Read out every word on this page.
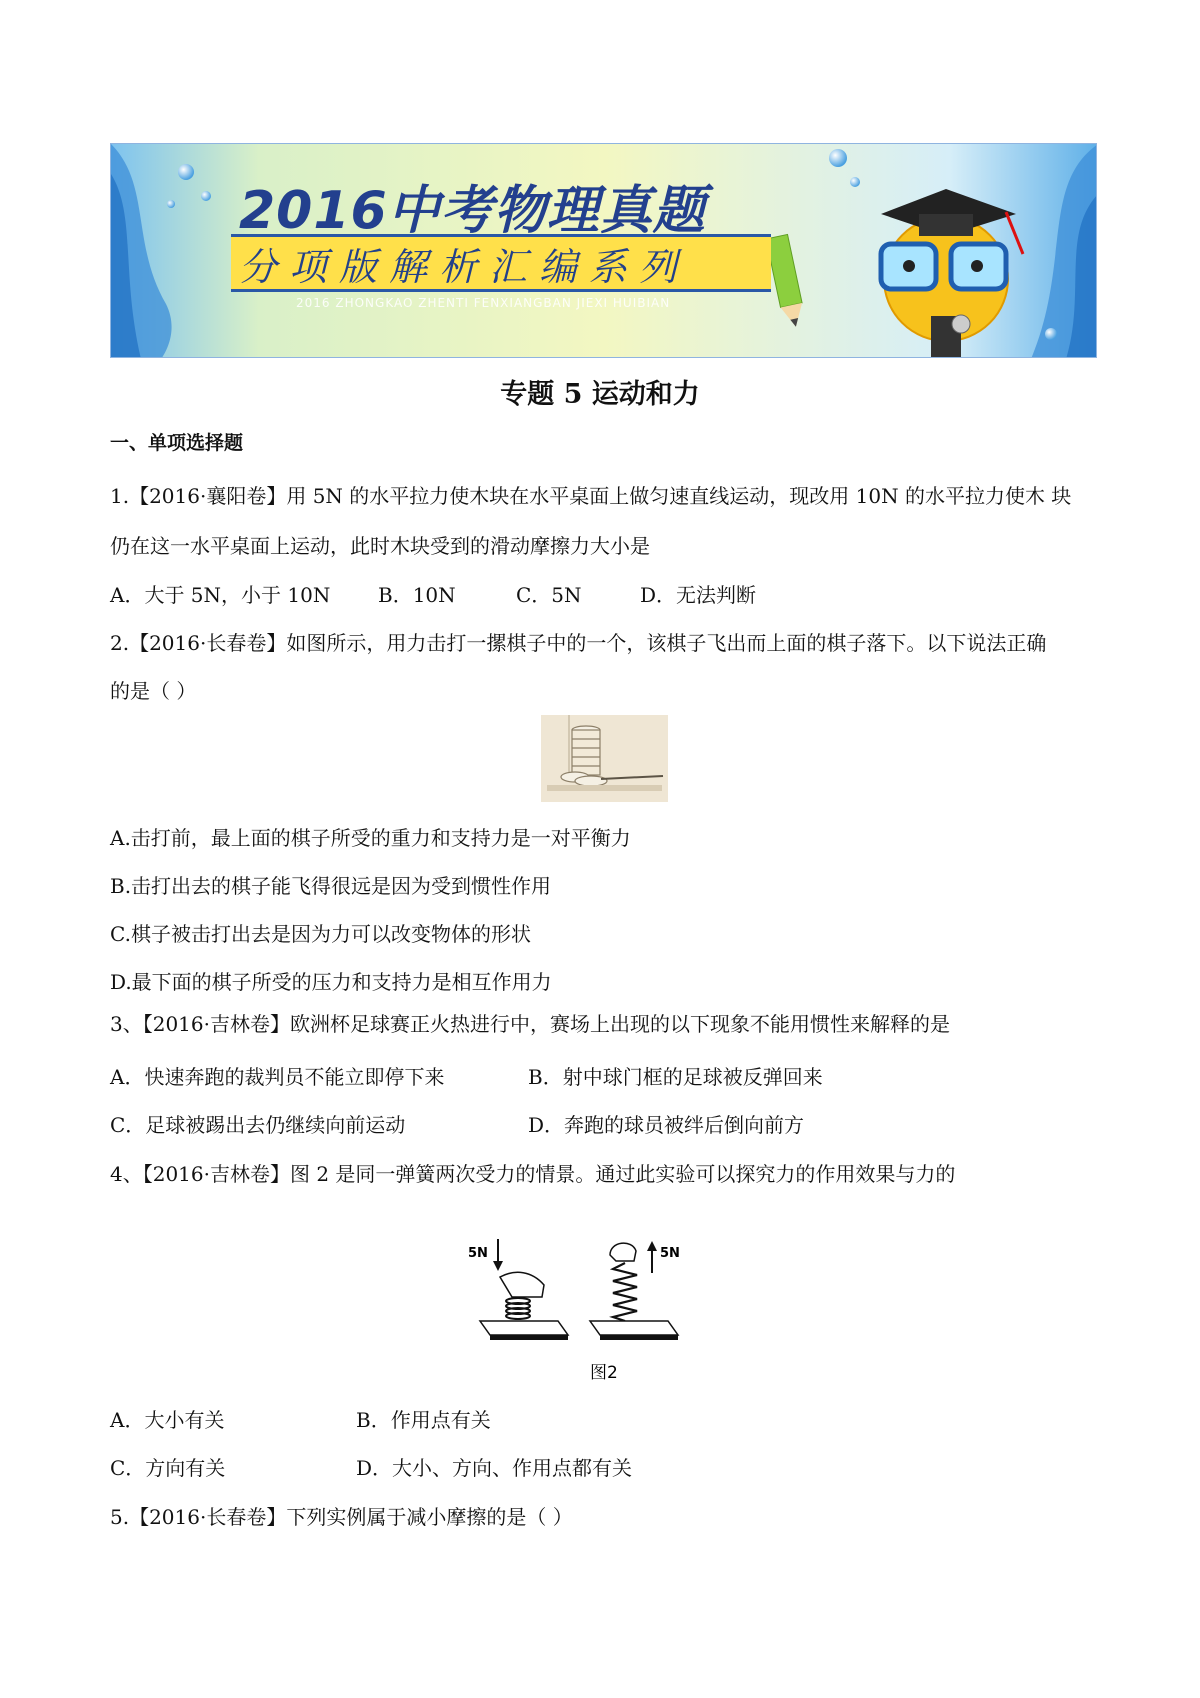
2016中考物理真题
分项版解析汇编系列
2016 ZHONGKAO ZHENTI FENXIANGBAN JIEXI HUIBIAN
专题 5 运动和力
一、单项选择题
1.【2016·襄阳卷】用 5N 的水平拉力使木块在水平桌面上做匀速直线运动，现改用 10N 的水平拉力使木 块
仍在这一水平桌面上运动，此时木块受到的滑动摩擦力大小是
A．大于 5N，小于 10N B．10N	C．5N	D．无法判断
2.【2016·长春卷】如图所示，用力击打一摞棋子中的一个，该棋子飞出而上面的棋子落下。以下说法正确
的是（ ）
A.击打前，最上面的棋子所受的重力和支持力是一对平衡力
B.击打出去的棋子能飞得很远是因为受到惯性作用
C.棋子被击打出去是因为力可以改变物体的形状
D.最下面的棋子所受的压力和支持力是相互作用力
3、【2016·吉林卷】欧洲杯足球赛正火热进行中，赛场上出现的以下现象不能用惯性来解释的是
A．快速奔跑的裁判员不能立即停下来	B．射中球门框的足球被反弹回来
C．足球被踢出去仍继续向前运动	D．奔跑的球员被绊后倒向前方
4、【2016·吉林卷】图 2 是同一弹簧两次受力的情景。通过此实验可以探究力的作用效果与力的
5N	5N
图2
A．大小有关	B．作用点有关
C．方向有关	D．大小、方向、作用点都有关
5.【2016·长春卷】下列实例属于减小摩擦的是（ ）
